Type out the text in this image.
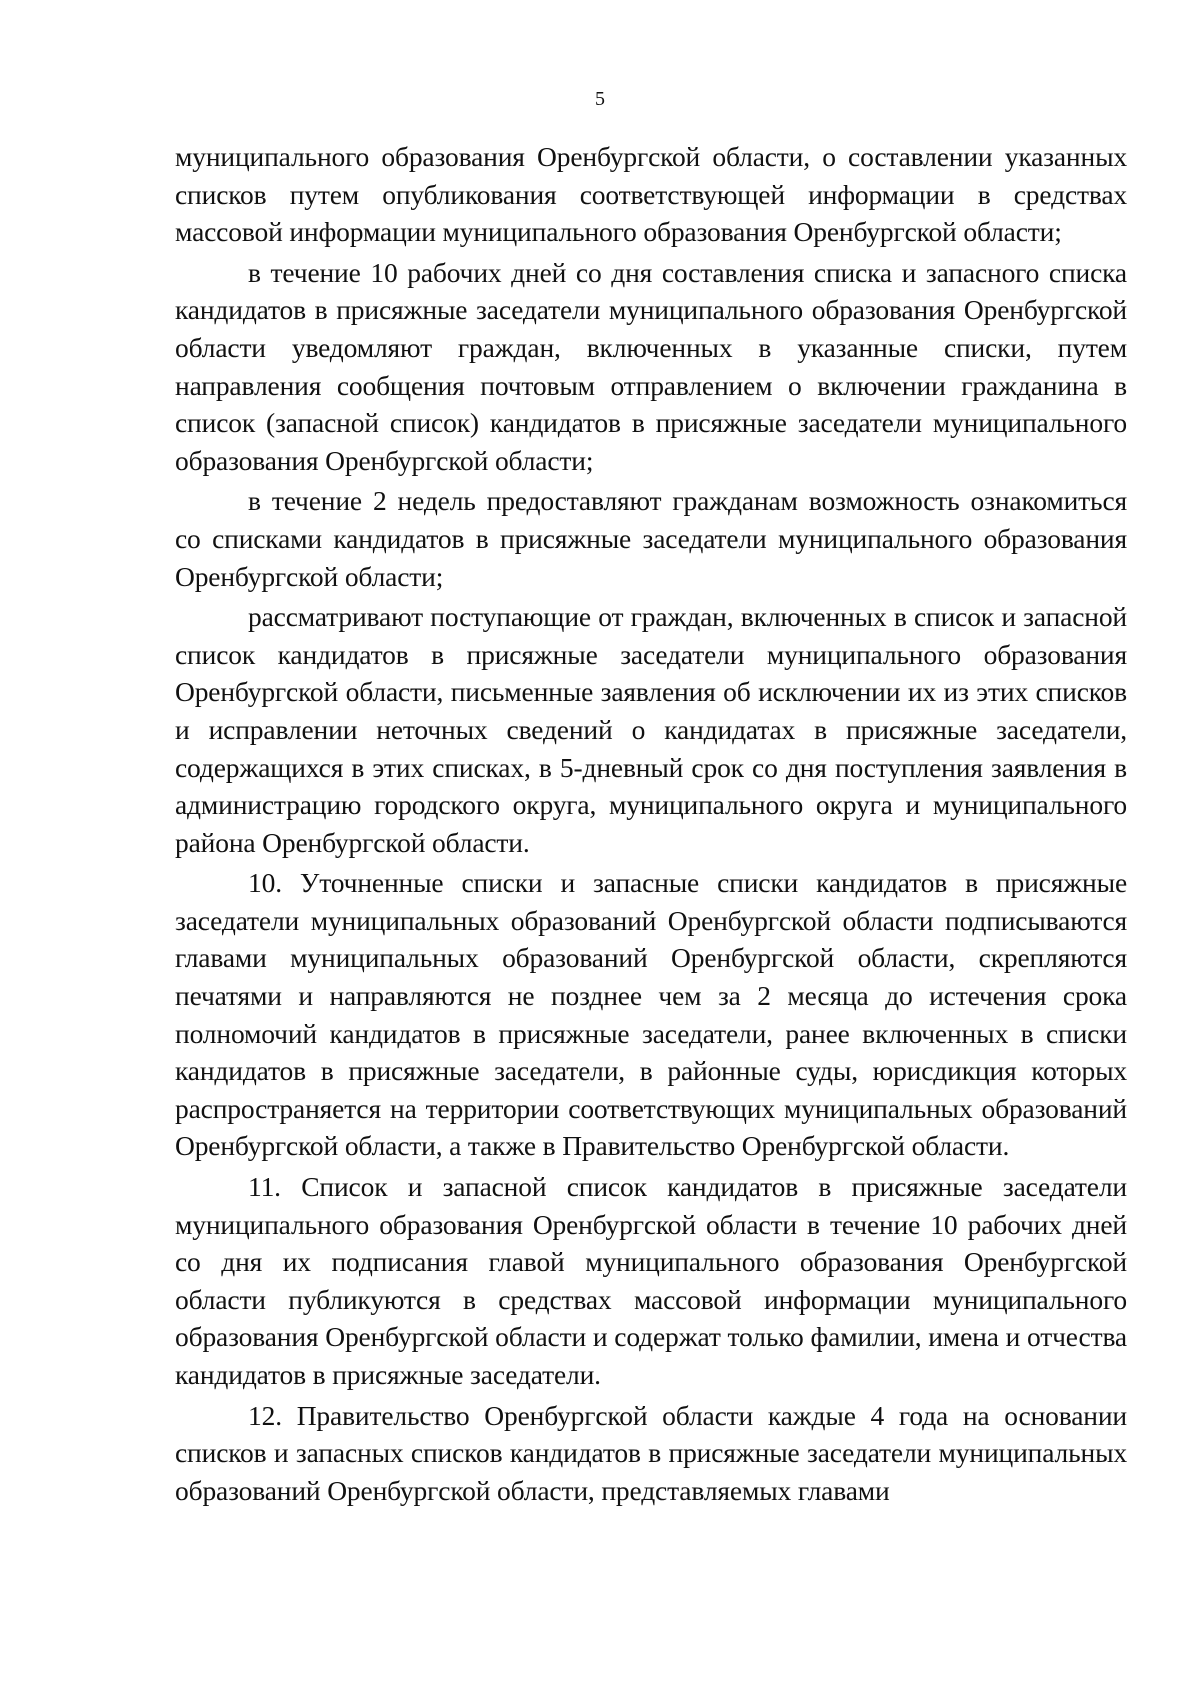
5

муниципального образования Оренбургской области, о составлении указанных списков путем опубликования соответствующей информации в средствах массовой информации муниципального образования Оренбургской области;

в течение 10 рабочих дней со дня составления списка и запасного списка кандидатов в присяжные заседатели муниципального образования Оренбургской области уведомляют граждан, включенных в указанные списки, путем направления сообщения почтовым отправлением о включении гражданина в список (запасной список) кандидатов в присяжные заседатели муниципального образования Оренбургской области;

в течение 2 недель предоставляют гражданам возможность ознакомиться со списками кандидатов в присяжные заседатели муниципального образования Оренбургской области;

рассматривают поступающие от граждан, включенных в список и запасной список кандидатов в присяжные заседатели муниципального образования Оренбургской области, письменные заявления об исключении их из этих списков и исправлении неточных сведений о кандидатах в присяжные заседатели, содержащихся в этих списках, в 5-дневный срок со дня поступления заявления в администрацию городского округа, муниципального округа и муниципального района Оренбургской области.

10. Уточненные списки и запасные списки кандидатов в присяжные заседатели муниципальных образований Оренбургской области подписываются главами муниципальных образований Оренбургской области, скрепляются печатями и направляются не позднее чем за 2 месяца до истечения срока полномочий кандидатов в присяжные заседатели, ранее включенных в списки кандидатов в присяжные заседатели, в районные суды, юрисдикция которых распространяется на территории соответствующих муниципальных образований Оренбургской области, а также в Правительство Оренбургской области.

11. Список и запасной список кандидатов в присяжные заседатели муниципального образования Оренбургской области в течение 10 рабочих дней со дня их подписания главой муниципального образования Оренбургской области публикуются в средствах массовой информации муниципального образования Оренбургской области и содержат только фамилии, имена и отчества кандидатов в присяжные заседатели.

12. Правительство Оренбургской области каждые 4 года на основании списков и запасных списков кандидатов в присяжные заседатели муниципальных образований Оренбургской области, представляемых главами
